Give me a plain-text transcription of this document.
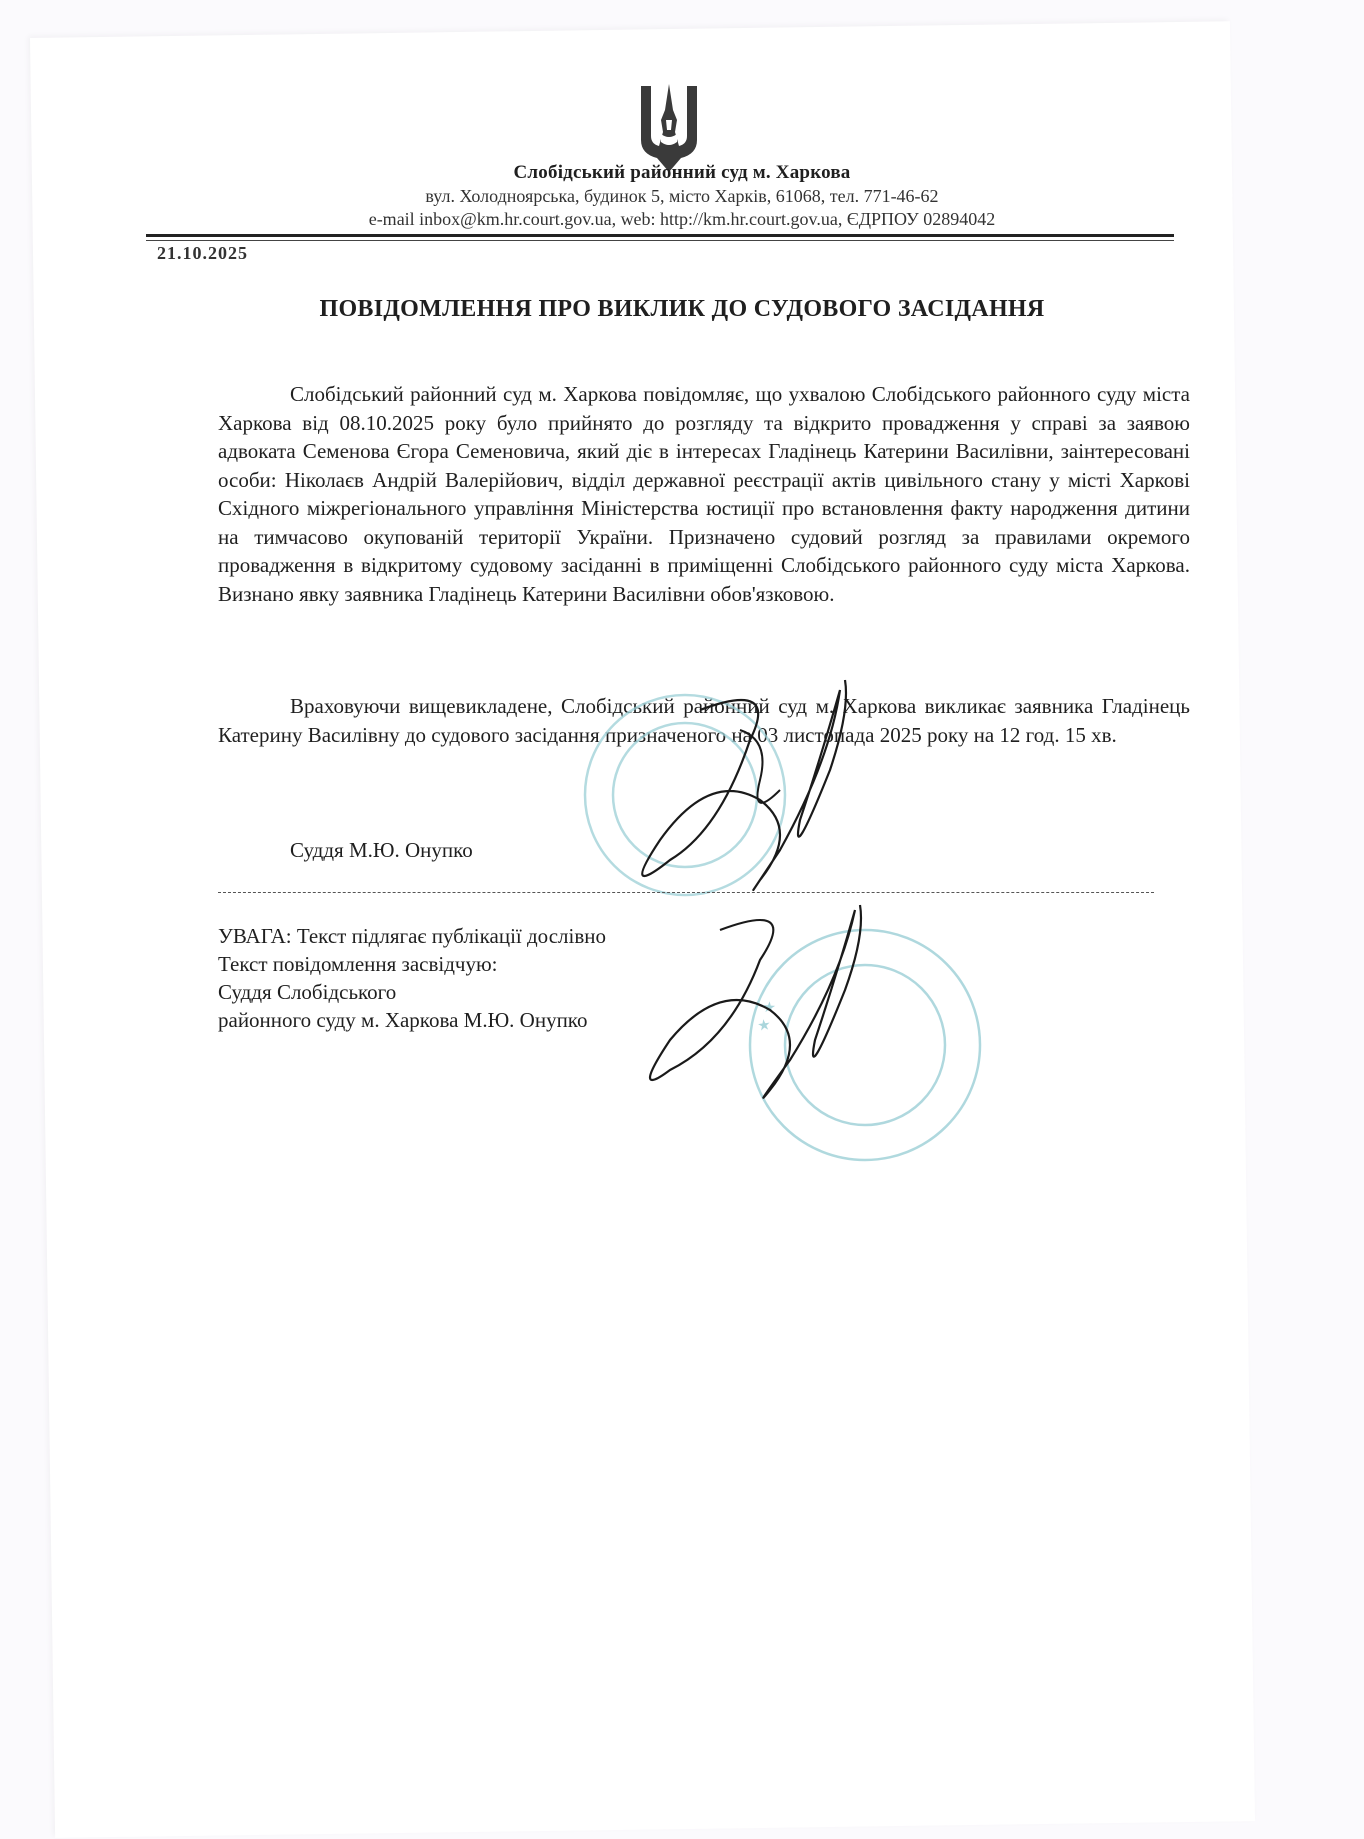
Слобідський районний суд м. Харкова
вул. Холодноярська, будинок 5, місто Харків, 61068, тел. 771-46-62
e-mail inbox@km.hr.court.gov.ua, web: http://km.hr.court.gov.ua, ЄДРПОУ 02894042
21.10.2025
ПОВІДОМЛЕННЯ ПРО ВИКЛИК ДО СУДОВОГО ЗАСІДАННЯ
Слобідський районний суд м. Харкова повідомляє, що ухвалою Слобідського районного суду міста Харкова від 08.10.2025 року було прийнято до розгляду та відкрито провадження у справі за заявою адвоката Семенова Єгора Семеновича, який діє в інтересах Гладінець Катерини Василівни, заінтересовані особи: Ніколаєв Андрій Валерійович, відділ державної реєстрації актів цивільного стану у місті Харкові Східного міжрегіонального управління Міністерства юстиції про встановлення факту народження дитини на тимчасово окупованій території України. Призначено судовий розгляд за правилами окремого провадження в відкритому судовому засіданні в приміщенні Слобідського районного суду міста Харкова. Визнано явку заявника Гладінець Катерини Василівни обов'язковою.
Враховуючи вищевикладене, Слобідський районний суд м. Харкова викликає заявника Гладінець Катерину Василівну до судового засідання призначеного на 03 листопада 2025 року на 12 год. 15 хв.
★ ★
Суддя М.Ю. Онупко
УВАГА: Текст підлягає публікації дослівно
Текст повідомлення засвідчую:
Суддя Слобідського
районного суду м. Харкова М.Ю. Онупко
